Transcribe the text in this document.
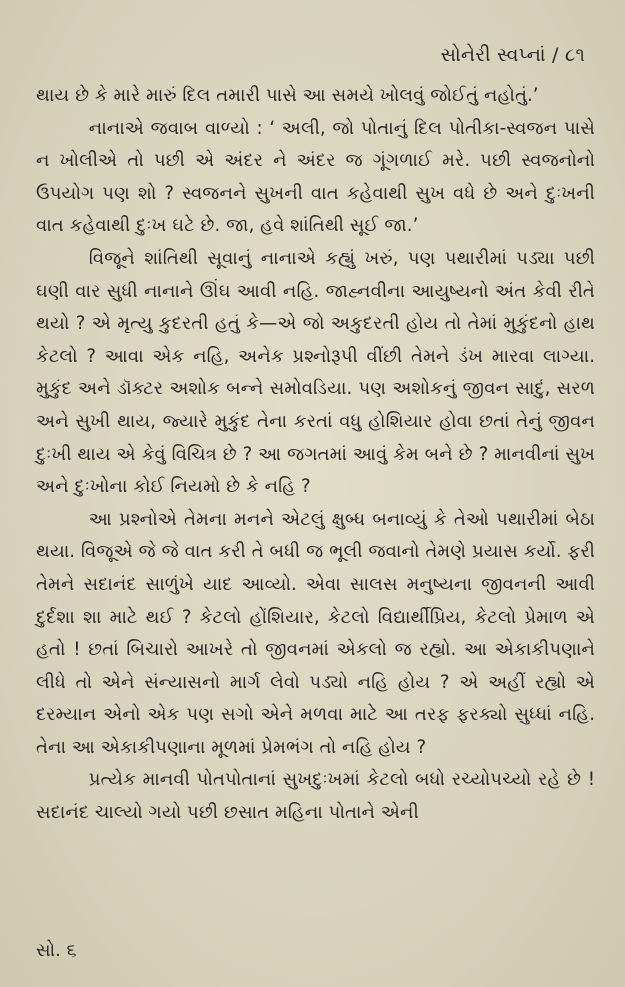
સોનેરી સ્વપ્નાં / ૮૧

થાય છે કે મારે મારું દિલ તમારી પાસે આ સમયે ખોલવું જોઈતું નહોતું.’

નાનાએ જવાબ વાળ્યો : ‘ અલી, જો પોતાનું દિલ પોતીકા-સ્વજન પાસે ન ખોલીએ તો પછી એ અંદર ને અંદર જ ગૂંગળાઈ મરે. પછી સ્વજનોનો ઉપયોગ પણ શો ? સ્વજનને સુખની વાત કહેવાથી સુખ વધે છે અને દુઃખની વાત કહેવાથી દુઃખ ઘટે છે. જા, હવે શાંતિથી સૂઈ જા.’

વિજૂને શાંતિથી સૂવાનું નાનાએ કહ્યું ખરું, પણ પથારીમાં પડ્યા પછી ઘણી વાર સુધી નાનાને ઊંઘ આવી નહિ. જાહ્નવીના આયુષ્યનો અંત કેવી રીતે થયો ? એ મૃત્યુ કુદરતી હતું કે—એ જો અકુદરતી હોય તો તેમાં મુકુંદનો હાથ કેટલો ? આવા એક નહિ, અનેક પ્રશ્નોરૂપી વીંછી તેમને ડંખ મારવા લાગ્યા. મુકુંદ અને ડૉક્ટર અશોક બન્ને સમોવડિયા. પણ અશોકનું જીવન સાદું, સરળ અને સુખી થાય, જ્યારે મુકુંદ તેના કરતાં વધુ હોશિયાર હોવા છતાં તેનું જીવન દુઃખી થાય એ કેવું વિચિત્ર છે ? આ જગતમાં આવું કેમ બને છે ? માનવીનાં સુખ અને દુઃખોના કોઈ નિયમો છે કે નહિ ?

આ પ્રશ્નોએ તેમના મનને એટલું ક્ષુબ્ધ બનાવ્યું કે તેઓ પથારીમાં બેઠા થયા. વિજૂએ જે જે વાત કરી તે બધી જ ભૂલી જવાનો તેમણે પ્રયાસ કર્યો. ફરી તેમને સદાનંદ સાળુંખે યાદ આવ્યો. એવા સાલસ મનુષ્યના જીવનની આવી દુર્દશા શા માટે થઈ ? કેટલો હોંશિયાર, કેટલો વિદ્યાર્થીપ્રિય, કેટલો પ્રેમાળ એ હતો ! છતાં બિચારો આખરે તો જીવનમાં એકલો જ રહ્યો. આ એકાકીપણાને લીધે તો એને સંન્યાસનો માર્ગ લેવો પડ્યો નહિ હોય ? એ અહીં રહ્યો એ દરમ્યાન એનો એક પણ સગો એને મળવા માટે આ તરફ ફરક્યો સુધ્ધાં નહિ. તેના આ એકાકીપણાના મૂળમાં પ્રેમભંગ તો નહિ હોય ?

પ્રત્યેક માનવી પોતપોતાનાં સુખદુઃખમાં કેટલો બધો રચ્યોપચ્યો રહે છે ! સદાનંદ ચાલ્યો ગયો પછી છસાત મહિના પોતાને એની

સો. ૬
